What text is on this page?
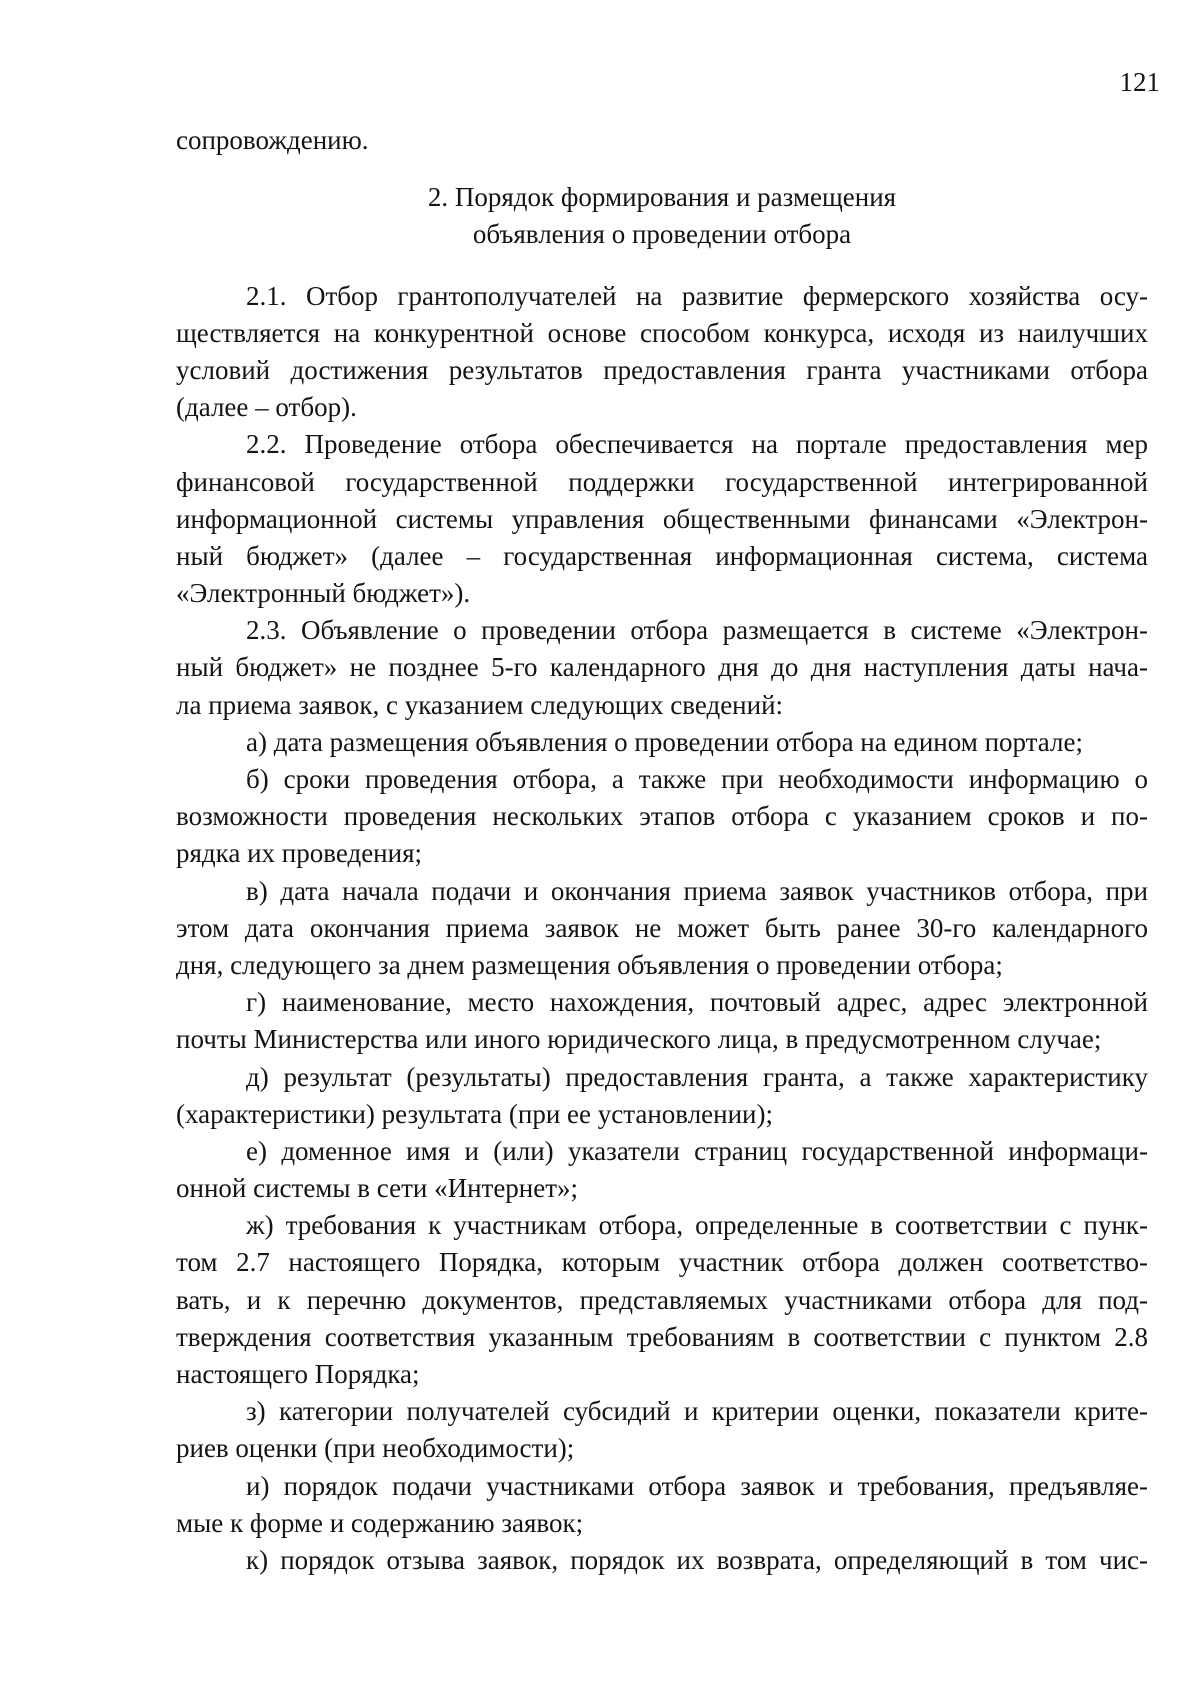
121
сопровождению.
2. Порядок формирования и размещения
объявления о проведении отбора
2.1. Отбор грантополучателей на развитие фермерского хозяйства осу-
ществляется на конкурентной основе способом конкурса, исходя из наилучших
условий достижения результатов предоставления гранта участниками отбора
(далее – отбор).
2.2. Проведение отбора обеспечивается на портале предоставления мер
финансовой государственной поддержки государственной интегрированной
информационной системы управления общественными финансами «Электрон-
ный бюджет» (далее – государственная информационная система, система
«Электронный бюджет»).
2.3. Объявление о проведении отбора размещается в системе «Электрон-
ный бюджет» не позднее 5-го календарного дня до дня наступления даты нача-
ла приема заявок, с указанием следующих сведений:
а) дата размещения объявления о проведении отбора на едином портале;
б) сроки проведения отбора, а также при необходимости информацию о
возможности проведения нескольких этапов отбора с указанием сроков и по-
рядка их проведения;
в) дата начала подачи и окончания приема заявок участников отбора, при
этом дата окончания приема заявок не может быть ранее 30-го календарного
дня, следующего за днем размещения объявления о проведении отбора;
г) наименование, место нахождения, почтовый адрес, адрес электронной
почты Министерства или иного юридического лица, в предусмотренном случае;
д) результат (результаты) предоставления гранта, а также характеристику
(характеристики) результата (при ее установлении);
е) доменное имя и (или) указатели страниц государственной информаци-
онной системы в сети «Интернет»;
ж) требования к участникам отбора, определенные в соответствии с пунк-
том 2.7 настоящего Порядка, которым участник отбора должен соответство-
вать, и к перечню документов, представляемых участниками отбора для под-
тверждения соответствия указанным требованиям в соответствии с пунктом 2.8
настоящего Порядка;
з) категории получателей субсидий и критерии оценки, показатели крите-
риев оценки (при необходимости);
и) порядок подачи участниками отбора заявок и требования, предъявляе-
мые к форме и содержанию заявок;
к) порядок отзыва заявок, порядок их возврата, определяющий в том чис-
